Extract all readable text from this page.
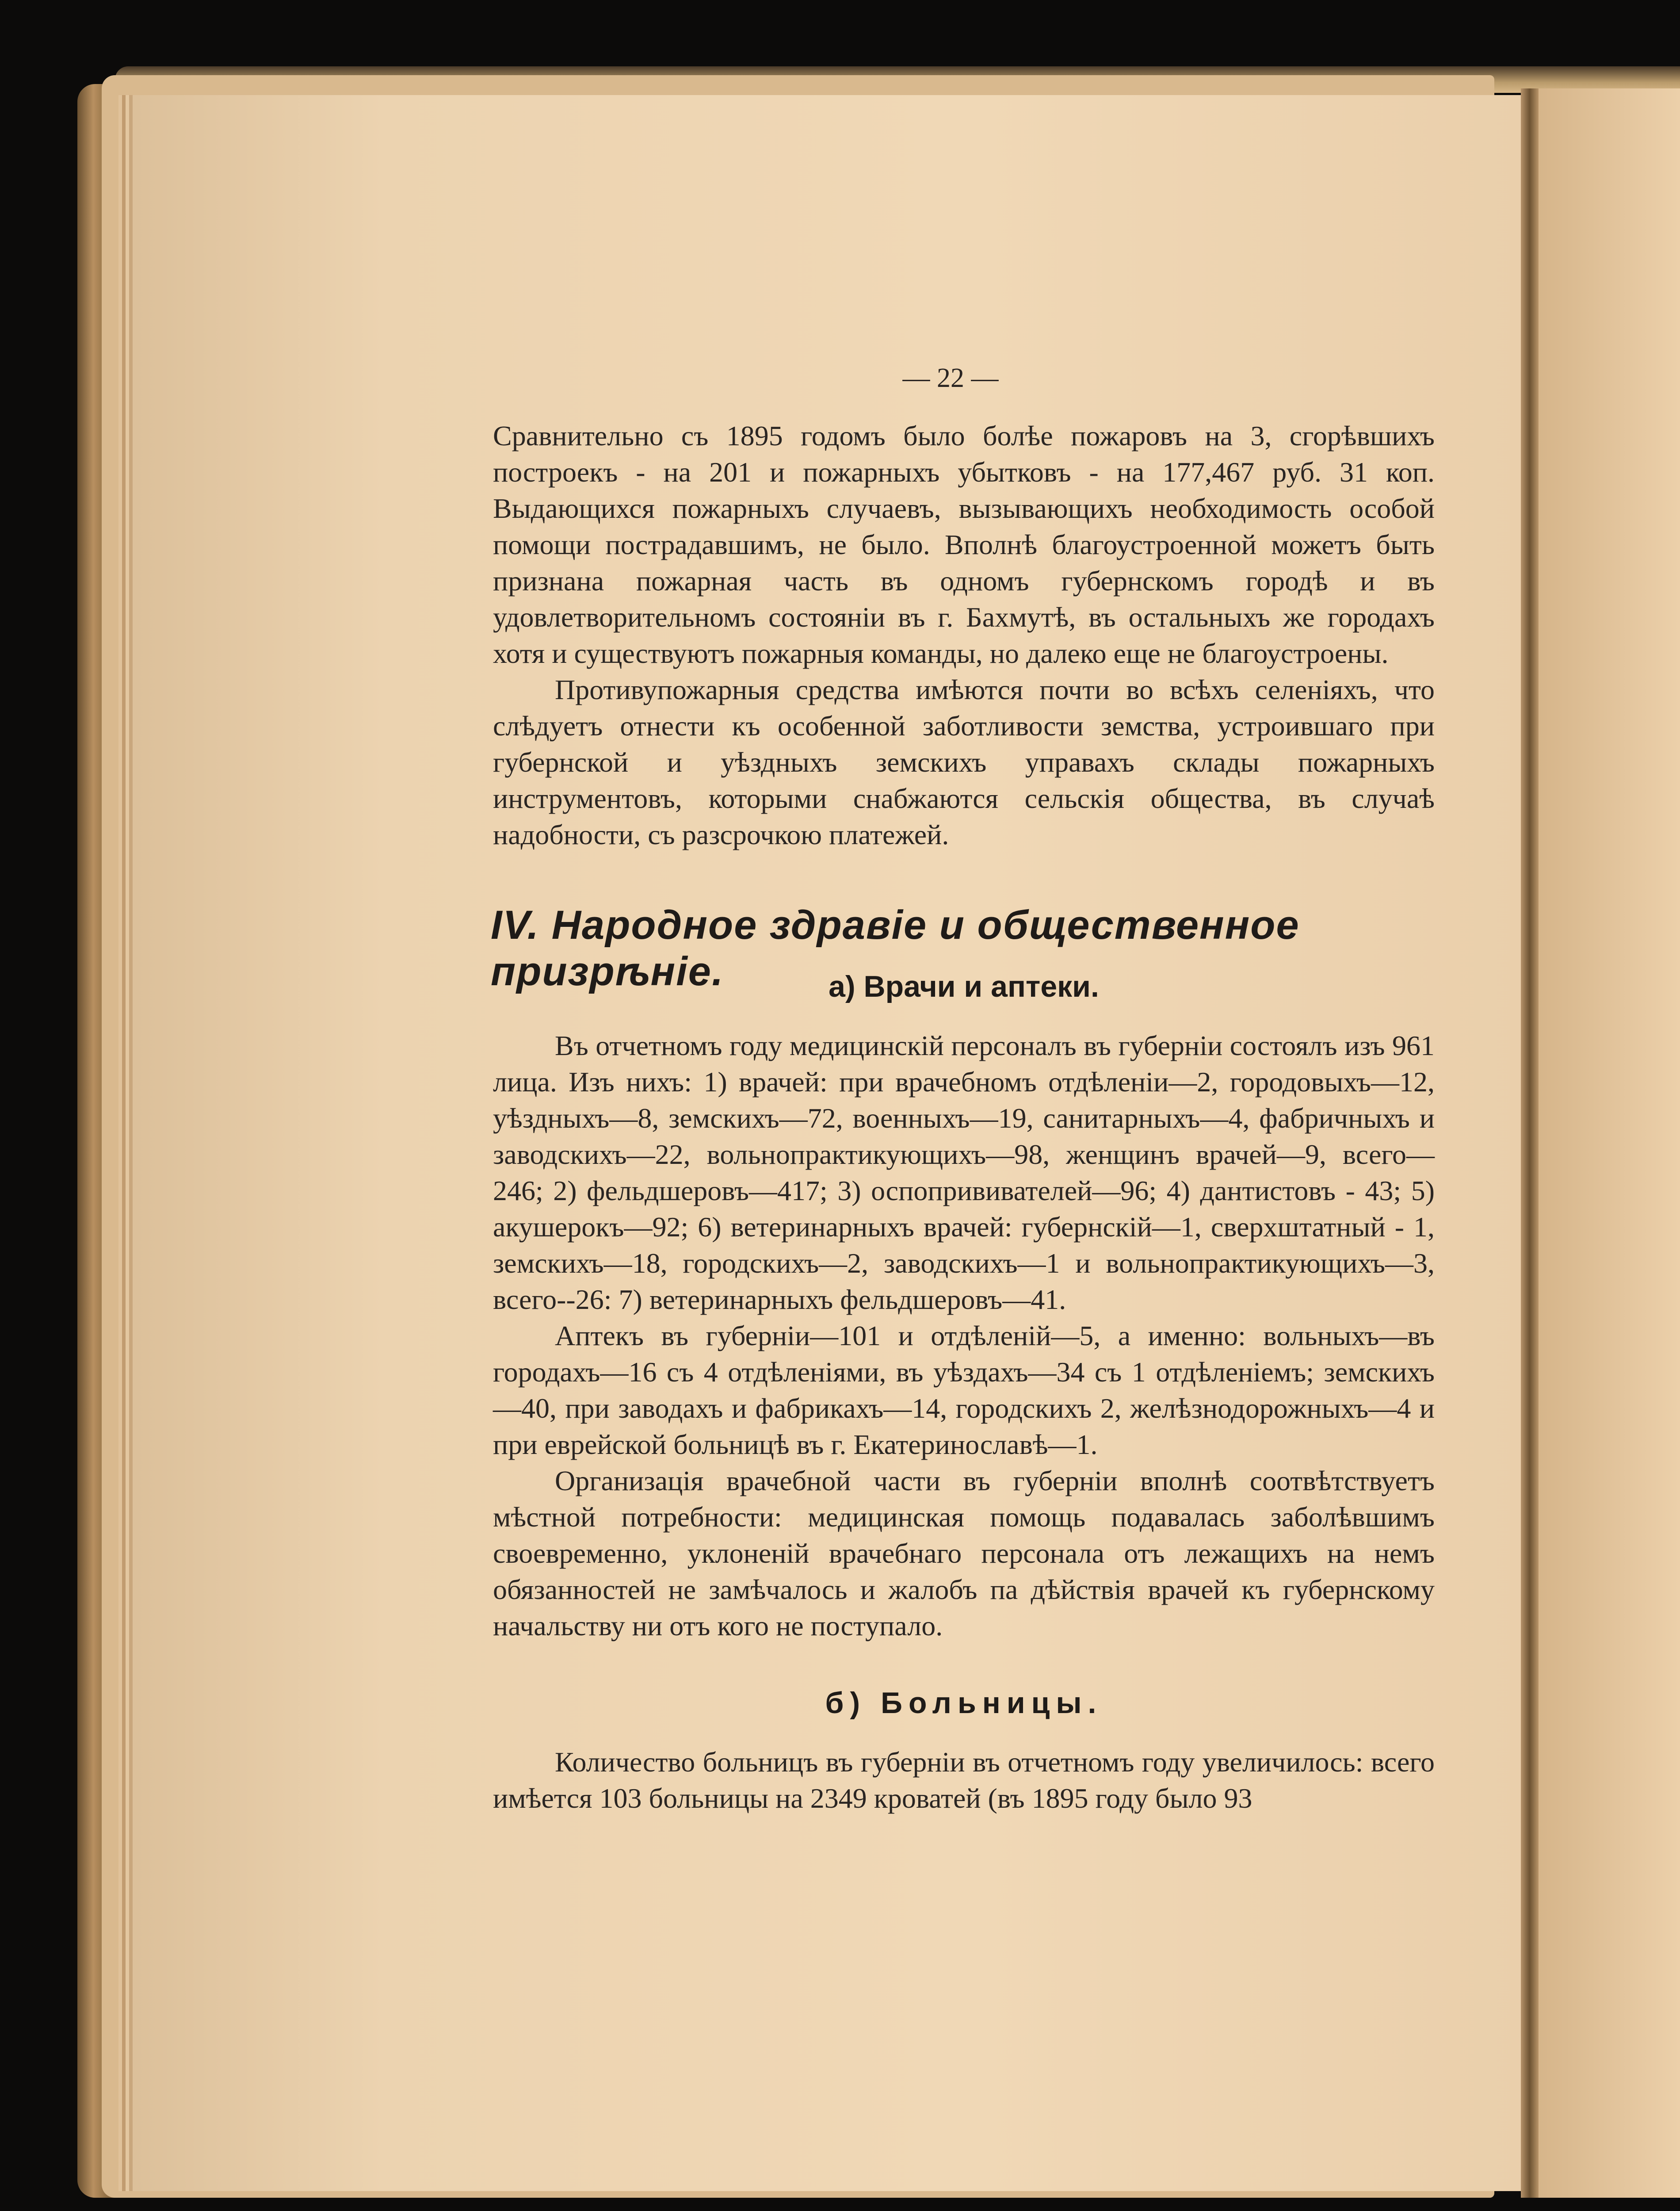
— 22 —

Сравнительно съ 1895 годомъ было болѣе пожаровъ на 3, сгорѣвшихъ построекъ - на 201 и пожарныхъ убытковъ - на 177,467 руб. 31 коп. Выдающихся пожарныхъ случаевъ, вызывающихъ необходимость особой помощи пострадавшимъ, не было. Вполнѣ благоустроенной можетъ быть признана пожарная часть въ одномъ губернскомъ городѣ и въ удовлетворительномъ состояніи въ г. Бахмутѣ, въ остальныхъ же городахъ хотя и существуютъ пожарныя команды, но далеко еще не благоустроены.

Противупожарныя средства имѣются почти во всѣхъ селеніяхъ, что слѣдуетъ отнести къ особенной заботливости земства, устроившаго при губернской и уѣздныхъ земскихъ управахъ склады пожарныхъ инструментовъ, которыми снабжаются сельскія общества, въ случаѣ надобности, съ разсрочкою платежей.

IV. Народное здравіе и общественное призрѣніе.	а) Врачи и аптеки.

Въ отчетномъ году медицинскій персоналъ въ губерніи состоялъ изъ 961 лица. Изъ нихъ: 1) врачей: при врачебномъ отдѣленіи—2, городовыхъ—12, уѣздныхъ—8, земскихъ—72, военныхъ—19, санитарныхъ—4, фабричныхъ и заводскихъ—22, вольнопрактикующихъ—98, женщинъ врачей—9, всего—246; 2) фельдшеровъ—417; 3) оспопрививателей—96; 4) дантистовъ - 43; 5) акушерокъ—92; 6) ветеринарныхъ врачей: губернскій—1, сверхштатный - 1, земскихъ—18, городскихъ—2, заводскихъ—1 и вольнопрактикующихъ—3, всего--26: 7) ветеринарныхъ фельдшеровъ—41.

Аптекъ въ губерніи—101 и отдѣленій—5, а именно: вольныхъ—въ городахъ—16 съ 4 отдѣленіями, въ уѣздахъ—34 съ 1 отдѣленіемъ; земскихъ—40, при заводахъ и фабрикахъ—14, городскихъ 2, желѣзнодорожныхъ—4 и при еврейской больницѣ въ г. Екатеринославѣ—1.

Организація врачебной части въ губерніи вполнѣ соотвѣтствуетъ мѣстной потребности: медицинская помощь подавалась заболѣвшимъ своевременно, уклоненій врачебнаго персонала отъ лежащихъ на немъ обязанностей не замѣчалось и жалобъ па дѣйствія врачей къ губернскому начальству ни отъ кого не поступало.

б) Больницы.

Количество больницъ въ губерніи въ отчетномъ году увеличилось: всего имѣется 103 больницы на 2349 кроватей (въ 1895 году было 93
